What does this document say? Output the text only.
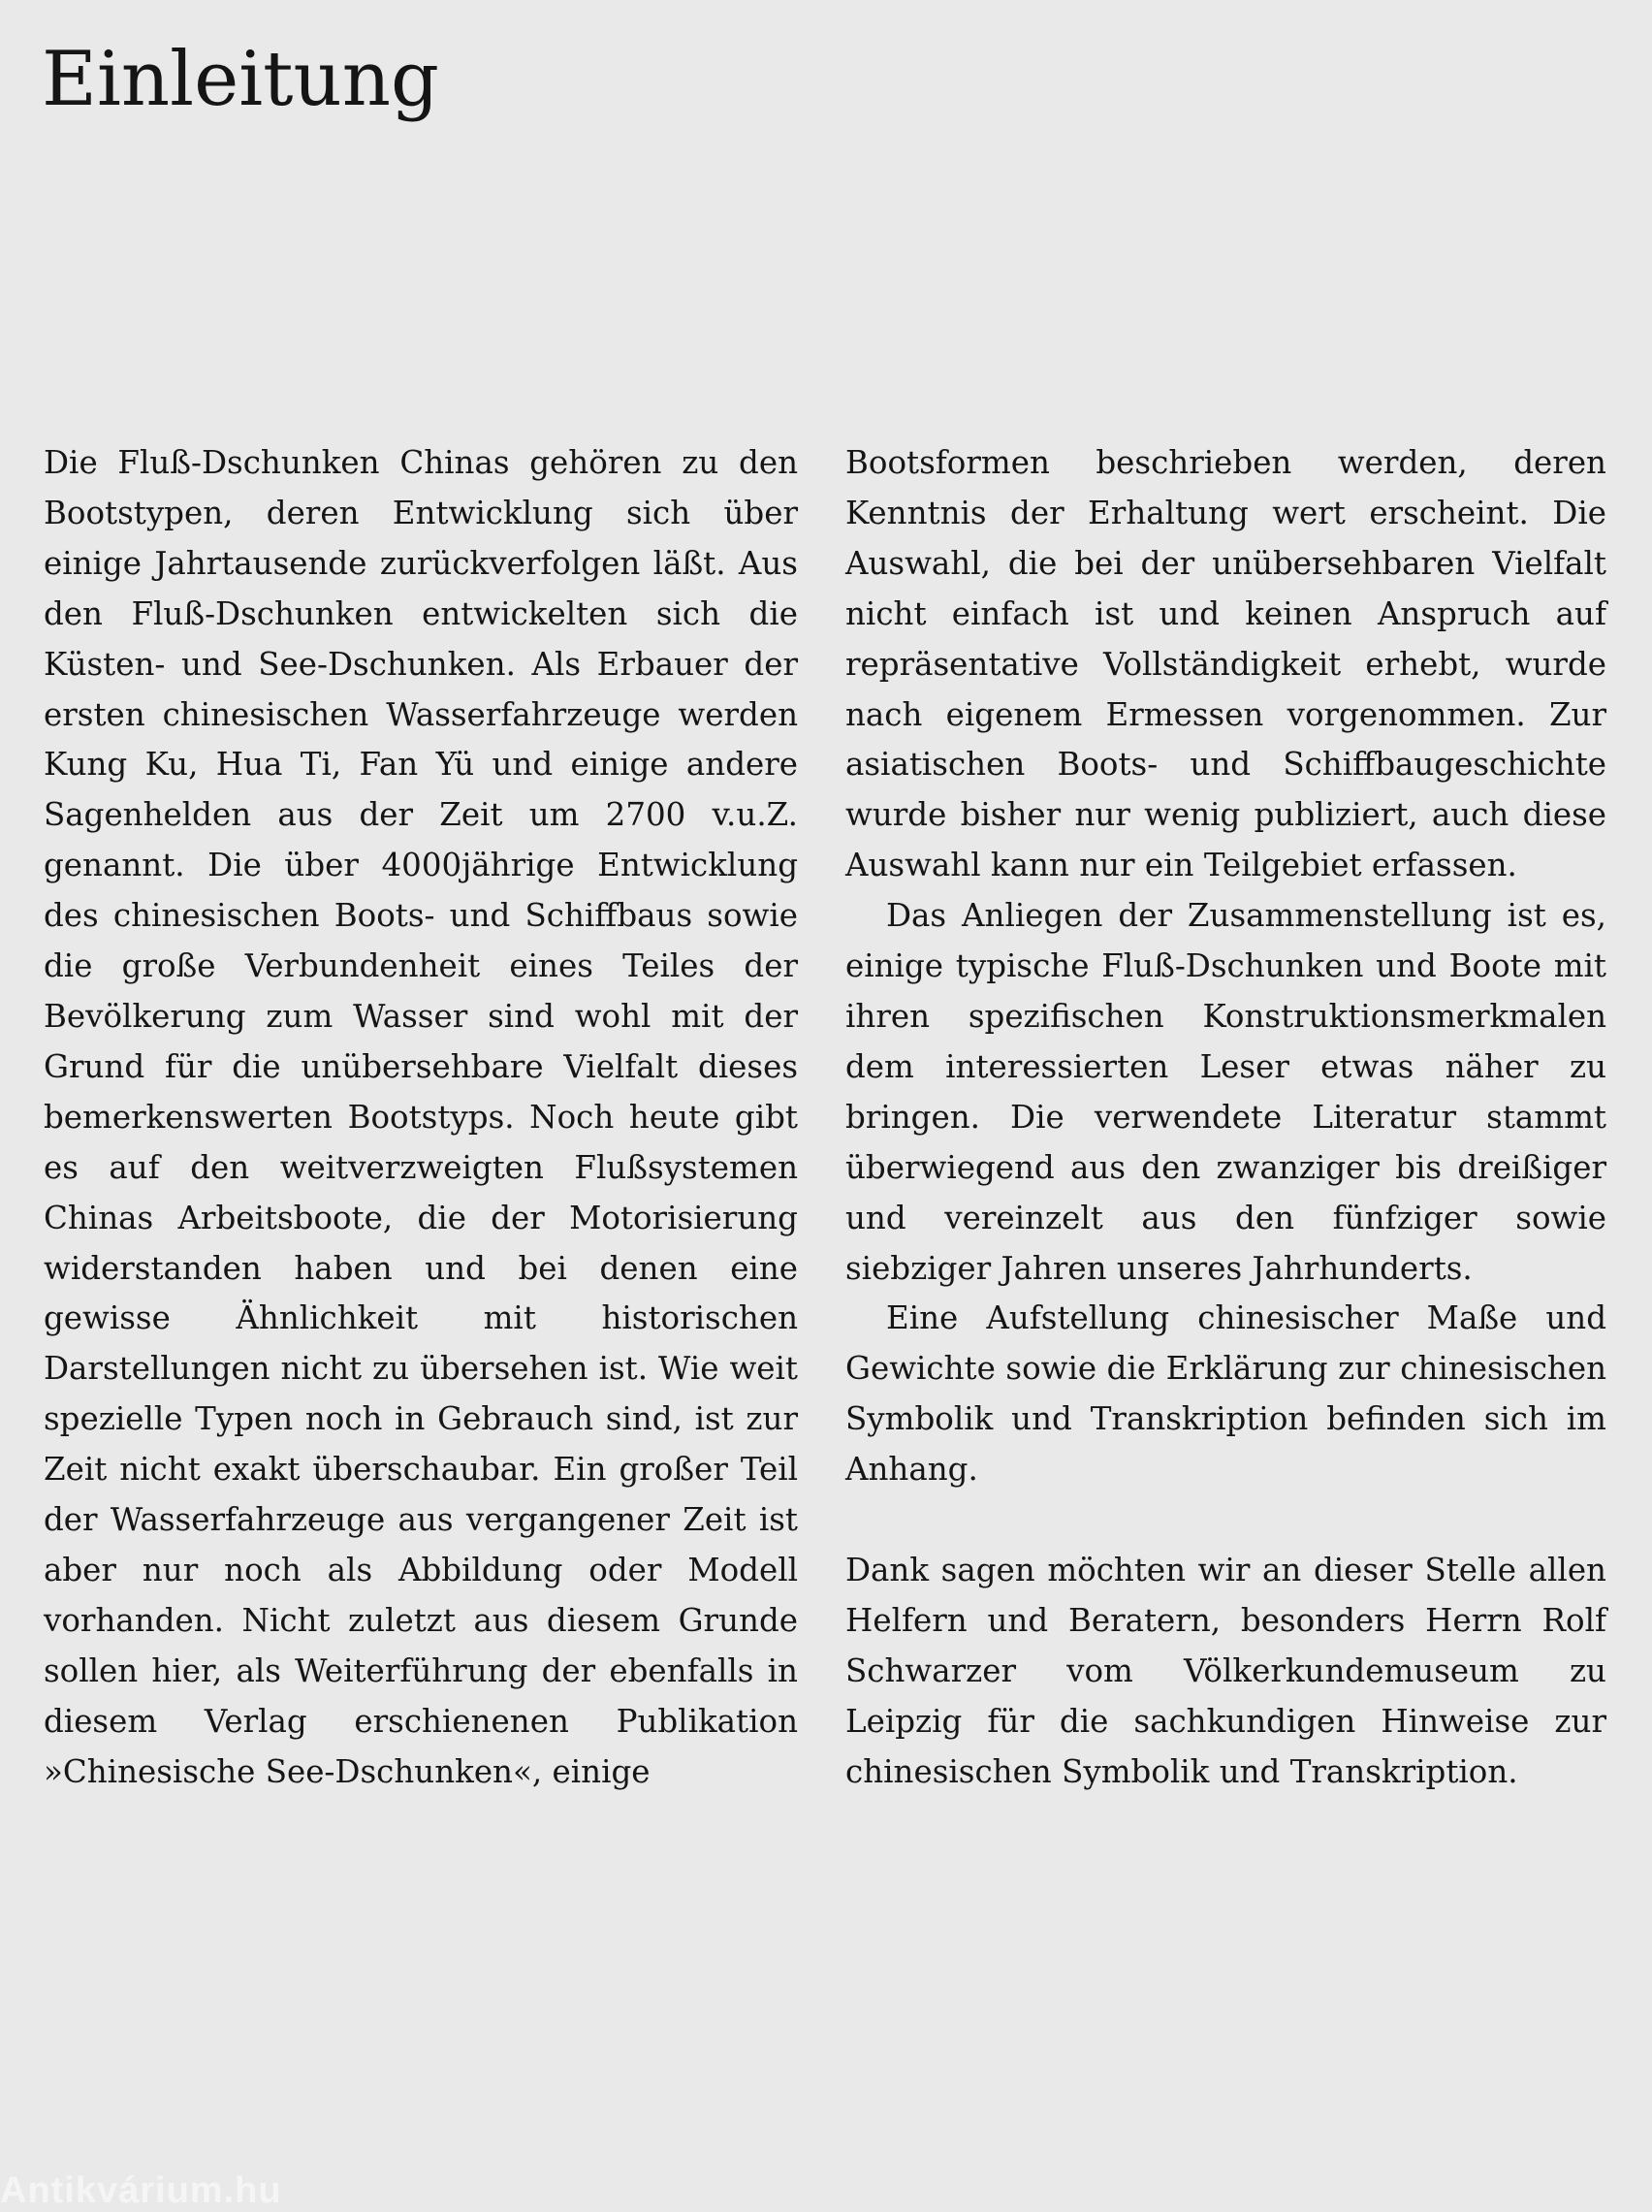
Einleitung

Die Fluß-Dschunken Chinas gehören zu den Bootstypen, deren Entwicklung sich über einige Jahrtausende zurückverfolgen läßt. Aus den Fluß-Dschunken entwickelten sich die Küsten- und See-Dschunken. Als Erbauer der ersten chinesischen Wasserfahrzeuge werden Kung Ku, Hua Ti, Fan Yü und einige andere Sagenhelden aus der Zeit um 2700 v.u.Z. genannt. Die über 4000jährige Entwicklung des chinesischen Boots- und Schiffbaus sowie die große Verbundenheit eines Teiles der Bevölkerung zum Wasser sind wohl mit der Grund für die unübersehbare Vielfalt dieses bemerkenswerten Bootstyps. Noch heute gibt es auf den weitverzweigten Flußsystemen Chinas Arbeitsboote, die der Motorisierung widerstanden haben und bei denen eine gewisse Ähnlichkeit mit historischen Darstellungen nicht zu übersehen ist. Wie weit spezielle Typen noch in Gebrauch sind, ist zur Zeit nicht exakt überschaubar. Ein großer Teil der Wasserfahrzeuge aus vergangener Zeit ist aber nur noch als Abbildung oder Modell vorhanden. Nicht zuletzt aus diesem Grunde sollen hier, als Weiterführung der ebenfalls in diesem Verlag erschienenen Publikation »Chinesische See-Dschunken«, einige

Bootsformen beschrieben werden, deren Kenntnis der Erhaltung wert erscheint. Die Auswahl, die bei der unübersehbaren Vielfalt nicht einfach ist und keinen Anspruch auf repräsentative Vollständigkeit erhebt, wurde nach eigenem Ermessen vorgenommen. Zur asiatischen Boots- und Schiffbaugeschichte wurde bisher nur wenig publiziert, auch diese Auswahl kann nur ein Teilgebiet erfassen.

Das Anliegen der Zusammenstellung ist es, einige typische Fluß-Dschunken und Boote mit ihren spezifischen Konstruktionsmerkmalen dem interessierten Leser etwas näher zu bringen. Die verwendete Literatur stammt überwiegend aus den zwanziger bis dreißiger und vereinzelt aus den fünfziger sowie siebziger Jahren unseres Jahrhunderts.

Eine Aufstellung chinesischer Maße und Gewichte sowie die Erklärung zur chinesischen Symbolik und Transkription befinden sich im Anhang.

Dank sagen möchten wir an dieser Stelle allen Helfern und Beratern, besonders Herrn Rolf Schwarzer vom Völkerkundemuseum zu Leipzig für die sachkundigen Hinweise zur chinesischen Symbolik und Transkription.

Antikvárium.hu
